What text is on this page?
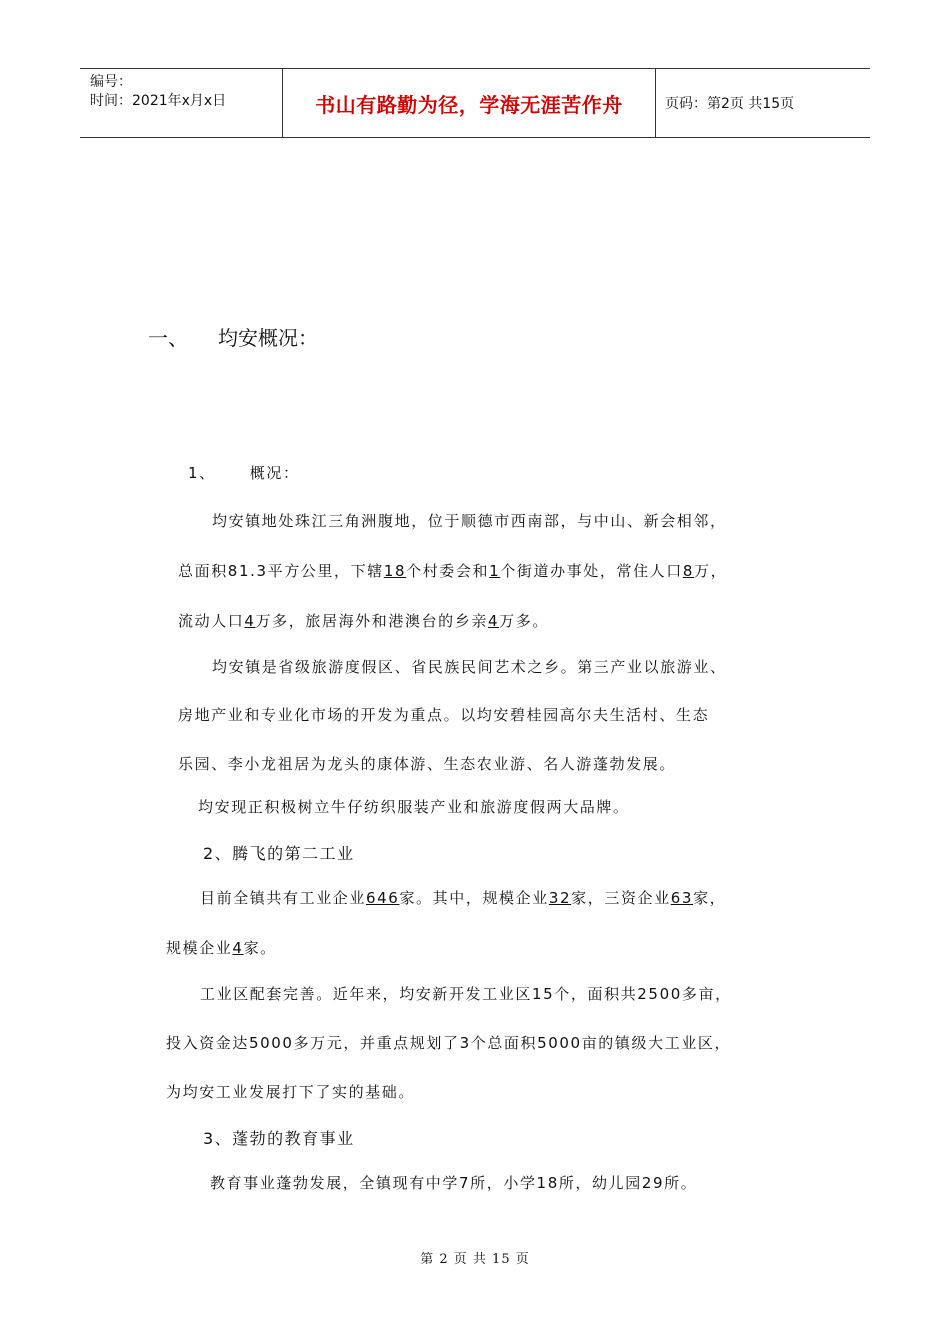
编号：
时间：2021年x月x日	书山有路勤为径，学海无涯苦作舟	页码：第2页 共15页
一、 均安概况：
1、 概况：
均安镇地处珠江三角洲腹地，位于顺德市西南部，与中山、新会相邻，
总面积81.3平方公里，下辖18个村委会和1个街道办事处，常住人口8万，
流动人口4万多，旅居海外和港澳台的乡亲4万多。
均安镇是省级旅游度假区、省民族民间艺术之乡。第三产业以旅游业、
房地产业和专业化市场的开发为重点。以均安碧桂园高尔夫生活村、生态
乐园、李小龙祖居为龙头的康体游、生态农业游、名人游蓬勃发展。
均安现正积极树立牛仔纺织服装产业和旅游度假两大品牌。
2、腾飞的第二工业
目前全镇共有工业企业646家。其中，规模企业32家，三资企业63家，
规模企业4家。
工业区配套完善。近年来，均安新开发工业区15个，面积共2500多亩，
投入资金达5000多万元，并重点规划了3个总面积5000亩的镇级大工业区，
为均安工业发展打下了实的基础。
3、蓬勃的教育事业
教育事业蓬勃发展，全镇现有中学7所，小学18所，幼儿园29所。
第 2 页 共 15 页
